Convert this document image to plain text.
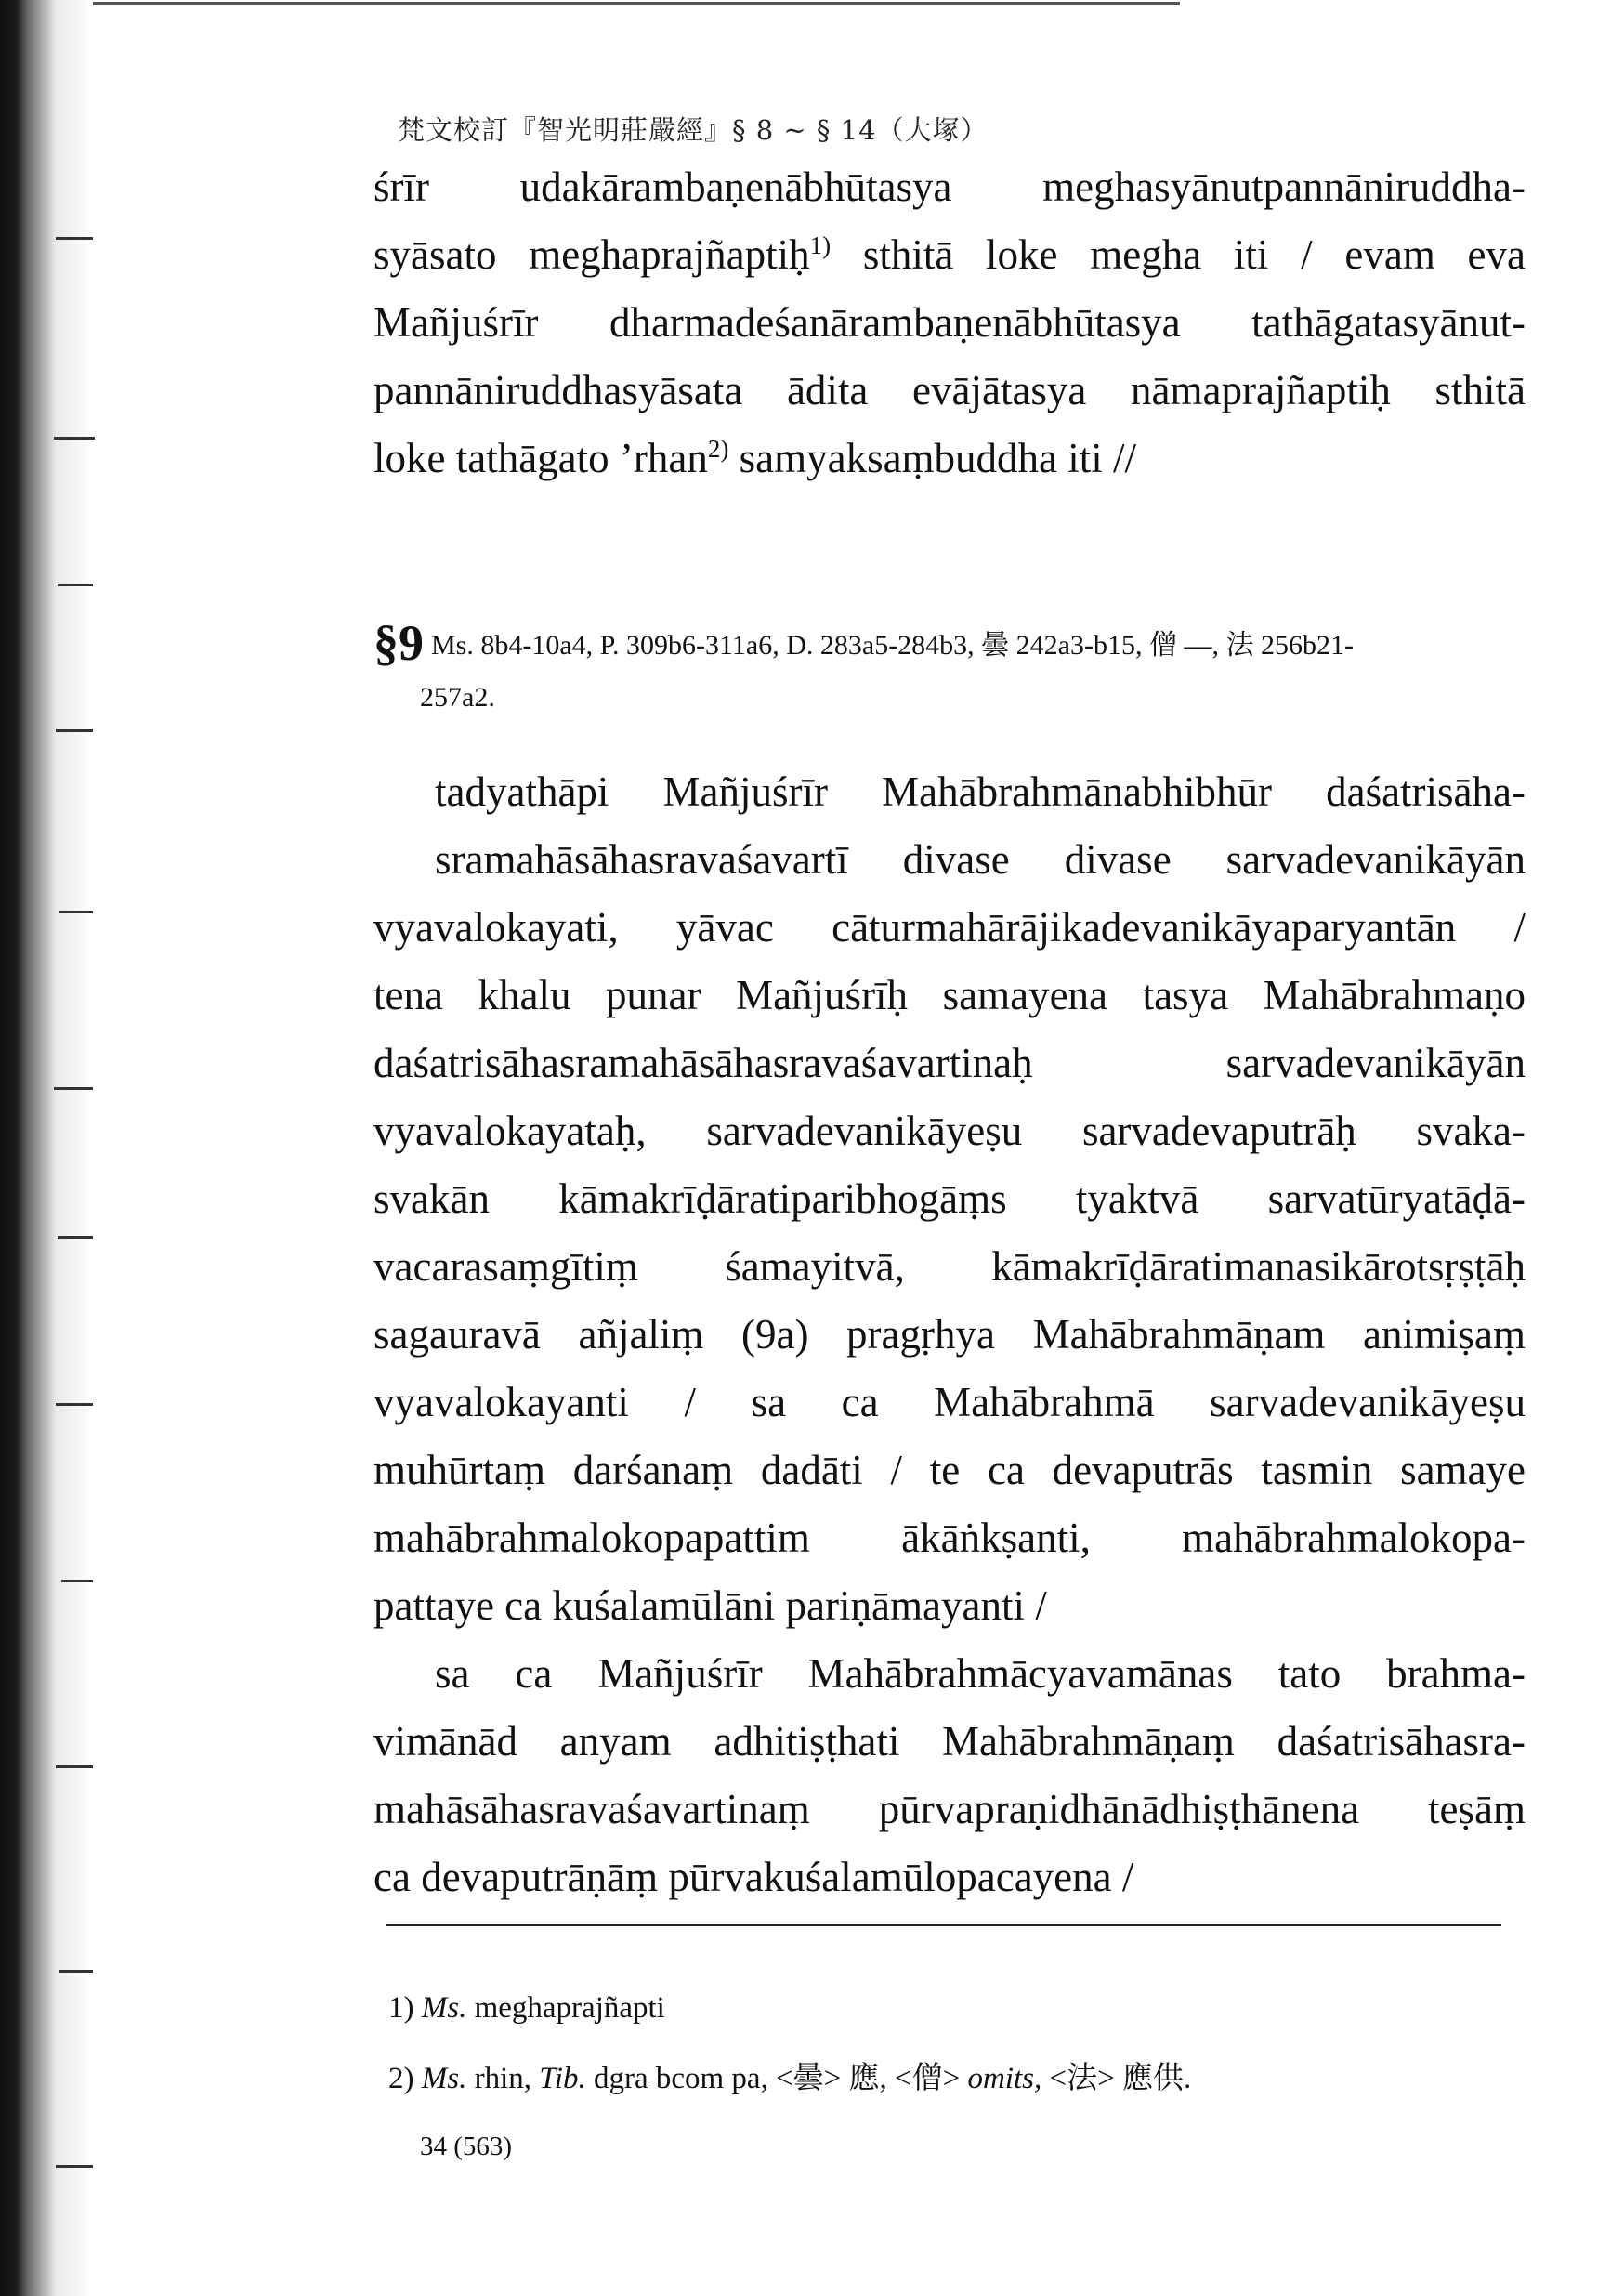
梵文校訂『智光明莊嚴經』§ 8 ~ § 14（大塚）

śrīr udakārambaṇenābhūtasya meghasyānutpannāniruddha-
syāsato meghaprajñaptiḥ$^{1)}$ sthitā loke megha iti / evam eva
Mañjuśrīr dharmadeśanārambaṇenābhūtasya tathāgatasyānut-
pannāniruddhasyāsata ādita evājātasya nāmaprajñaptiḥ sthitā
loke tathāgato ’rhan$^{2)}$ samyaksaṃbuddha iti //

§9 Ms. 8b4-10a4, P. 309b6-311a6, D. 283a5-284b3, 曇 242a3-b15, 僧 —, 法 256b21-
257a2.

tadyathāpi Mañjuśrīr Mahābrahmānabhibhūr daśatrisāha-
sramahāsāhasravaśavartī divase divase sarvadevanikāyān
vyavalokayati, yāvac cāturmahārājikadevanikāyaparyantān /
tena khalu punar Mañjuśrīḥ samayena tasya Mahābrahmaṇo
daśatrisāhasramahāsāhasravaśavartinaḥ sarvadevanikāyān
vyavalokayataḥ, sarvadevanikāyeṣu sarvadevaputrāḥ svaka-
svakān kāmakrīḍāratiparibhogāṃs tyaktvā sarvatūryatāḍā-
vacarasaṃgītiṃ śamayitvā, kāmakrīḍāratimanasikārotsṛṣṭāḥ
sagauravā añjaliṃ (9a) pragṛhya Mahābrahmāṇam animiṣaṃ
vyavalokayanti / sa ca Mahābrahmā sarvadevanikāyeṣu
muhūrtaṃ darśanaṃ dadāti / te ca devaputrās tasmin samaye
mahābrahmalokopapattim ākāṅkṣanti, mahābrahmalokopa-
pattaye ca kuśalamūlāni pariṇāmayanti /

sa ca Mañjuśrīr Mahābrahmācyavamānas tato brahma-
vimānād anyam adhitiṣṭhati Mahābrahmāṇaṃ daśatrisāhasra-
mahāsāhasravaśavartinaṃ pūrvapraṇidhānādhiṣṭhānena teṣāṃ
ca devaputrāṇāṃ pūrvakuśalamūlopacayena /

1) Ms. meghaprajñapti
2) Ms. rhin, Tib. dgra bcom pa, <曇> 應, <僧> omits, <法> 應供.
34 (563)
